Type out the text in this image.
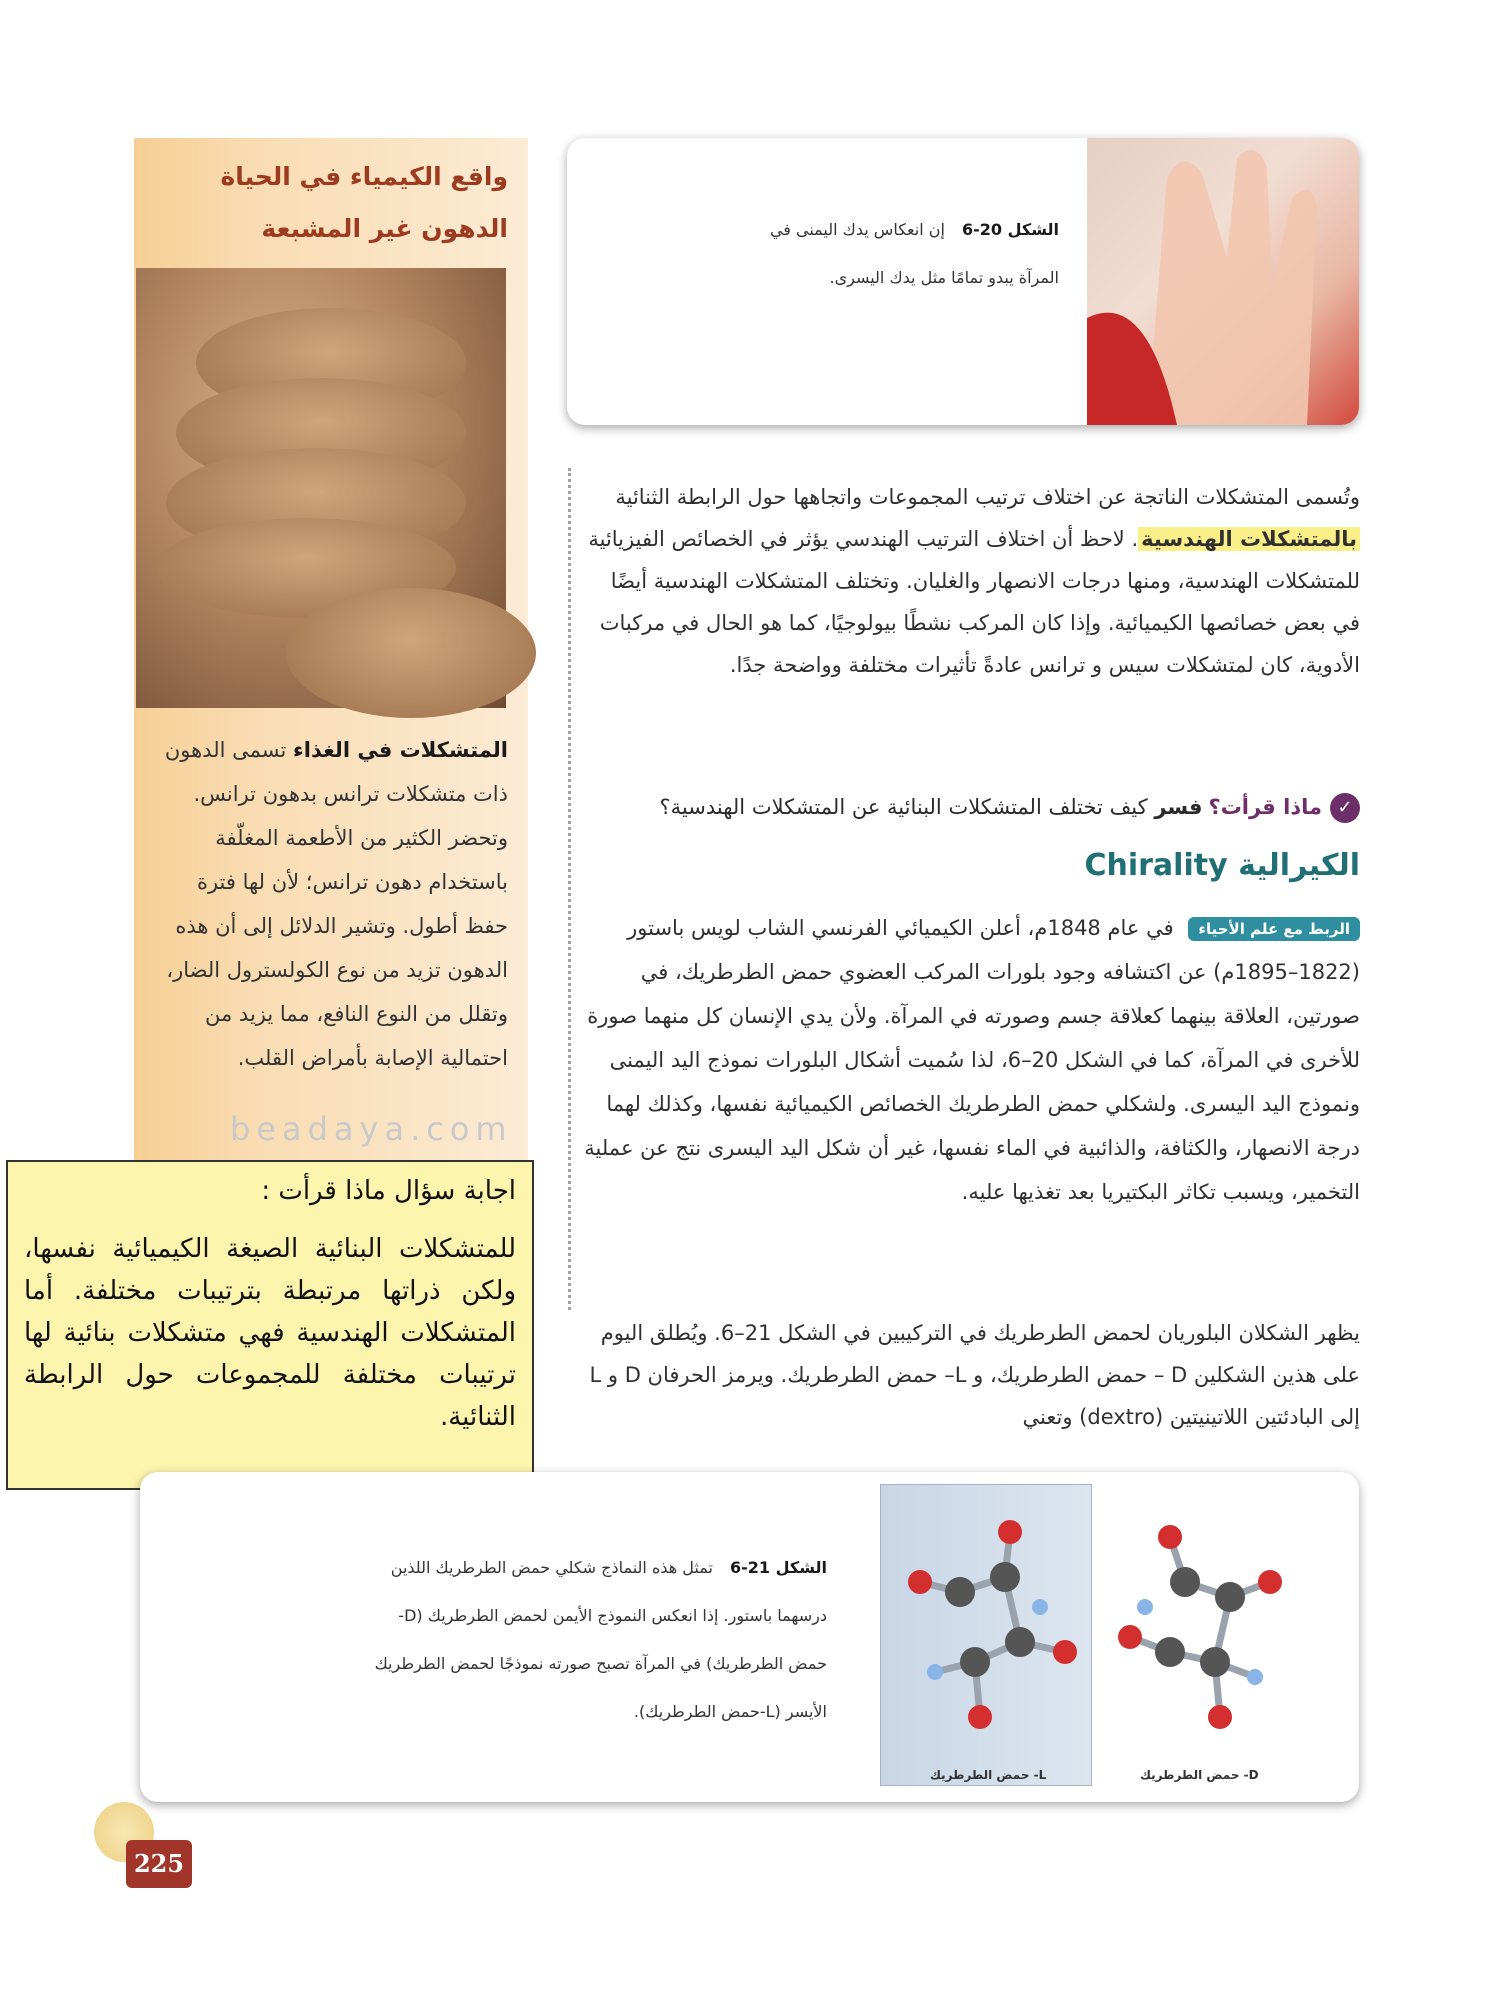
واقع الكيمياء في الحياة
الدهون غير المشبعة
المتشكلات في الغذاء تسمى الدهون ذات متشكلات ترانس بدهون ترانس. وتحضر الكثير من الأطعمة المغلّفة باستخدام دهون ترانس؛ لأن لها فترة حفظ أطول. وتشير الدلائل إلى أن هذه الدهون تزيد من نوع الكولسترول الضار، وتقلل من النوع النافع، مما يزيد من احتمالية الإصابة بأمراض القلب.
الشكل 20-6 إن انعكاس يدك اليمنى في
المرآة يبدو تمامًا مثل يدك اليسرى.
وتُسمى المتشكلات الناتجة عن اختلاف ترتيب المجموعات واتجاهها حول الرابطة الثنائية بالمتشكلات الهندسية. لاحظ أن اختلاف الترتيب الهندسي يؤثر في الخصائص الفيزيائية للمتشكلات الهندسية، ومنها درجات الانصهار والغليان. وتختلف المتشكلات الهندسية أيضًا في بعض خصائصها الكيميائية. وإذا كان المركب نشطًا بيولوجيًا، كما هو الحال في مركبات الأدوية، كان لمتشكلات سيس و ترانس عادةً تأثيرات مختلفة وواضحة جدًا.
✓ماذا قرأت؟فسر كيف تختلف المتشكلات البنائية عن المتشكلات الهندسية؟
الكيرالية Chirality
الربط مع علم الأحياء في عام 1848م، أعلن الكيميائي الفرنسي الشاب لويس باستور (1822–1895م) عن اكتشافه وجود بلورات المركب العضوي حمض الطرطريك، في صورتين، العلاقة بينهما كعلاقة جسم وصورته في المرآة. ولأن يدي الإنسان كل منهما صورة للأخرى في المرآة، كما في الشكل 20–6، لذا سُميت أشكال البلورات نموذج اليد اليمنى ونموذج اليد اليسرى. ولشكلي حمض الطرطريك الخصائص الكيميائية نفسها، وكذلك لهما درجة الانصهار، والكثافة، والذائبية في الماء نفسها، غير أن شكل اليد اليسرى نتج عن عملية التخمير، ويسبب تكاثر البكتيريا بعد تغذيها عليه.
يظهر الشكلان البلوريان لحمض الطرطريك في التركيبين في الشكل 21–6. ويُطلق اليوم على هذين الشكلين D – حمض الطرطريك، و L– حمض الطرطريك. ويرمز الحرفان D و L إلى البادئتين اللاتينيتين (dextro) وتعني
beadaya.com
اجابة سؤال ماذا قرأت :
للمتشكلات البنائية الصيغة الكيميائية نفسها، ولكن ذراتها مرتبطة بترتيبات مختلفة. أما المتشكلات الهندسية فهي متشكلات بنائية لها ترتيبات مختلفة للمجموعات حول الرابطة الثنائية.
D- حمض الطرطريك
L- حمض الطرطريك
الشكل 21-6 تمثل هذه النماذج شكلي حمض الطرطريك اللذين درسهما باستور. إذا انعكس النموذج الأيمن لحمض الطرطريك (D- حمض الطرطريك) في المرآة تصبح صورته نموذجًا لحمض الطرطريك الأيسر (L-حمض الطرطريك).
225
